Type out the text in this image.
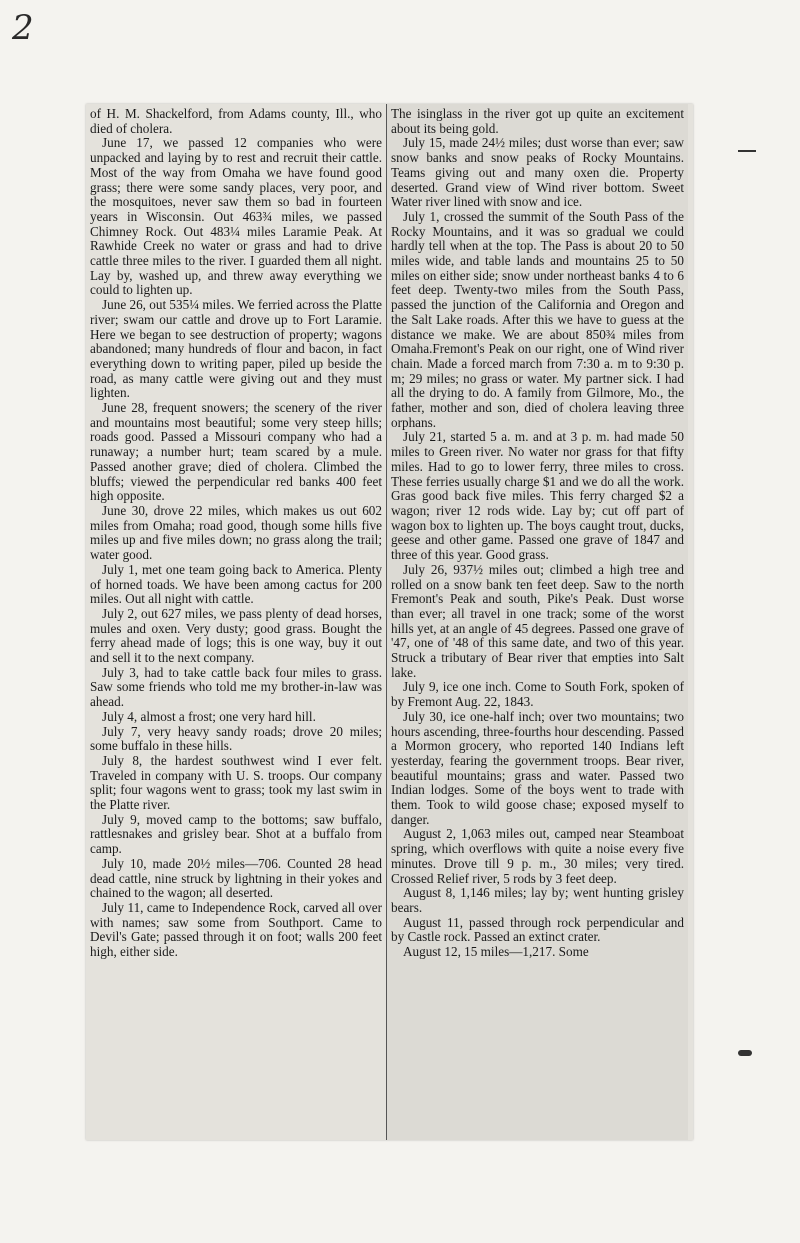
2

of H. M. Shackelford, from Adams county, Ill., who died of cholera.

June 17, we passed 12 companies who were unpacked and laying by to rest and recruit their cattle. Most of the way from Omaha we have found good grass; there were some sandy places, very poor, and the mosquitoes, never saw them so bad in fourteen years in Wisconsin. Out 463¾ miles, we passed Chimney Rock. Out 483¼ miles Laramie Peak. At Rawhide Creek no water or grass and had to drive cattle three miles to the river. I guarded them all night. Lay by, washed up, and threw away everything we could to lighten up.

June 26, out 535¼ miles. We ferried across the Platte river; swam our cattle and drove up to Fort Laramie. Here we began to see destruction of property; wagons abandoned; many hundreds of flour and bacon, in fact everything down to writing paper, piled up beside the road, as many cattle were giving out and they must lighten.

June 28, frequent snowers; the scenery of the river and mountains most beautiful; some very steep hills; roads good. Passed a Missouri company who had a runaway; a number hurt; team scared by a mule. Passed another grave; died of cholera. Climbed the bluffs; viewed the perpendicular red banks 400 feet high opposite.

June 30, drove 22 miles, which makes us out 602 miles from Omaha; road good, though some hills five miles up and five miles down; no grass along the trail; water good.

July 1, met one team going back to America. Plenty of horned toads. We have been among cactus for 200 miles. Out all night with cattle.

July 2, out 627 miles, we pass plenty of dead horses, mules and oxen. Very dusty; good grass. Bought the ferry ahead made of logs; this is one way, buy it out and sell it to the next company.

July 3, had to take cattle back four miles to grass. Saw some friends who told me my brother-in-law was ahead.

July 4, almost a frost; one very hard hill.

July 7, very heavy sandy roads; drove 20 miles; some buffalo in these hills.

July 8, the hardest southwest wind I ever felt. Traveled in company with U. S. troops. Our company split; four wagons went to grass; took my last swim in the Platte river.

July 9, moved camp to the bottoms; saw buffalo, rattlesnakes and grisley bear. Shot at a buffalo from camp.

July 10, made 20½ miles—706. Counted 28 head dead cattle, nine struck by lightning in their yokes and chained to the wagon; all deserted.

July 11, came to Independence Rock, carved all over with names; saw some from Southport. Came to Devil's Gate; passed through it on foot; walls 200 feet high, either side.

The isinglass in the river got up quite an excitement about its being gold.

July 15, made 24½ miles; dust worse than ever; saw snow banks and snow peaks of Rocky Mountains. Teams giving out and many oxen die. Property deserted. Grand view of Wind river bottom. Sweet Water river lined with snow and ice.

July 1, crossed the summit of the South Pass of the Rocky Mountains, and it was so gradual we could hardly tell when at the top. The Pass is about 20 to 50 miles wide, and table lands and mountains 25 to 50 miles on either side; snow under northeast banks 4 to 6 feet deep. Twenty-two miles from the South Pass, passed the junction of the California and Oregon and the Salt Lake roads. After this we have to guess at the distance we make. We are about 850¾ miles from Omaha.Fremont's Peak on our right, one of Wind river chain. Made a forced march from 7:30 a. m to 9:30 p. m; 29 miles; no grass or water. My partner sick. I had all the drying to do. A family from Gilmore, Mo., the father, mother and son, died of cholera leaving three orphans.

July 21, started 5 a. m. and at 3 p. m. had made 50 miles to Green river. No water nor grass for that fifty miles. Had to go to lower ferry, three miles to cross. These ferries usually charge $1 and we do all the work. Gras good back five miles. This ferry charged $2 a wagon; river 12 rods wide. Lay by; cut off part of wagon box to lighten up. The boys caught trout, ducks, geese and other game. Passed one grave of 1847 and three of this year. Good grass.

July 26, 937½ miles out; climbed a high tree and rolled on a snow bank ten feet deep. Saw to the north Fremont's Peak and south, Pike's Peak. Dust worse than ever; all travel in one track; some of the worst hills yet, at an angle of 45 degrees. Passed one grave of '47, one of '48 of this same date, and two of this year. Struck a tributary of Bear river that empties into Salt lake.

July 9, ice one inch. Come to South Fork, spoken of by Fremont Aug. 22, 1843.

July 30, ice one-half inch; over two mountains; two hours ascending, three-fourths hour descending. Passed a Mormon grocery, who reported 140 Indians left yesterday, fearing the government troops. Bear river, beautiful mountains; grass and water. Passed two Indian lodges. Some of the boys went to trade with them. Took to wild goose chase; exposed myself to danger.

August 2, 1,063 miles out, camped near Steamboat spring, which overflows with quite a noise every five minutes. Drove till 9 p. m., 30 miles; very tired. Crossed Relief river, 5 rods by 3 feet deep.

August 8, 1,146 miles; lay by; went hunting grisley bears.

August 11, passed through rock perpendicular and by Castle rock. Passed an extinct crater.

August 12, 15 miles—1,217. Some
